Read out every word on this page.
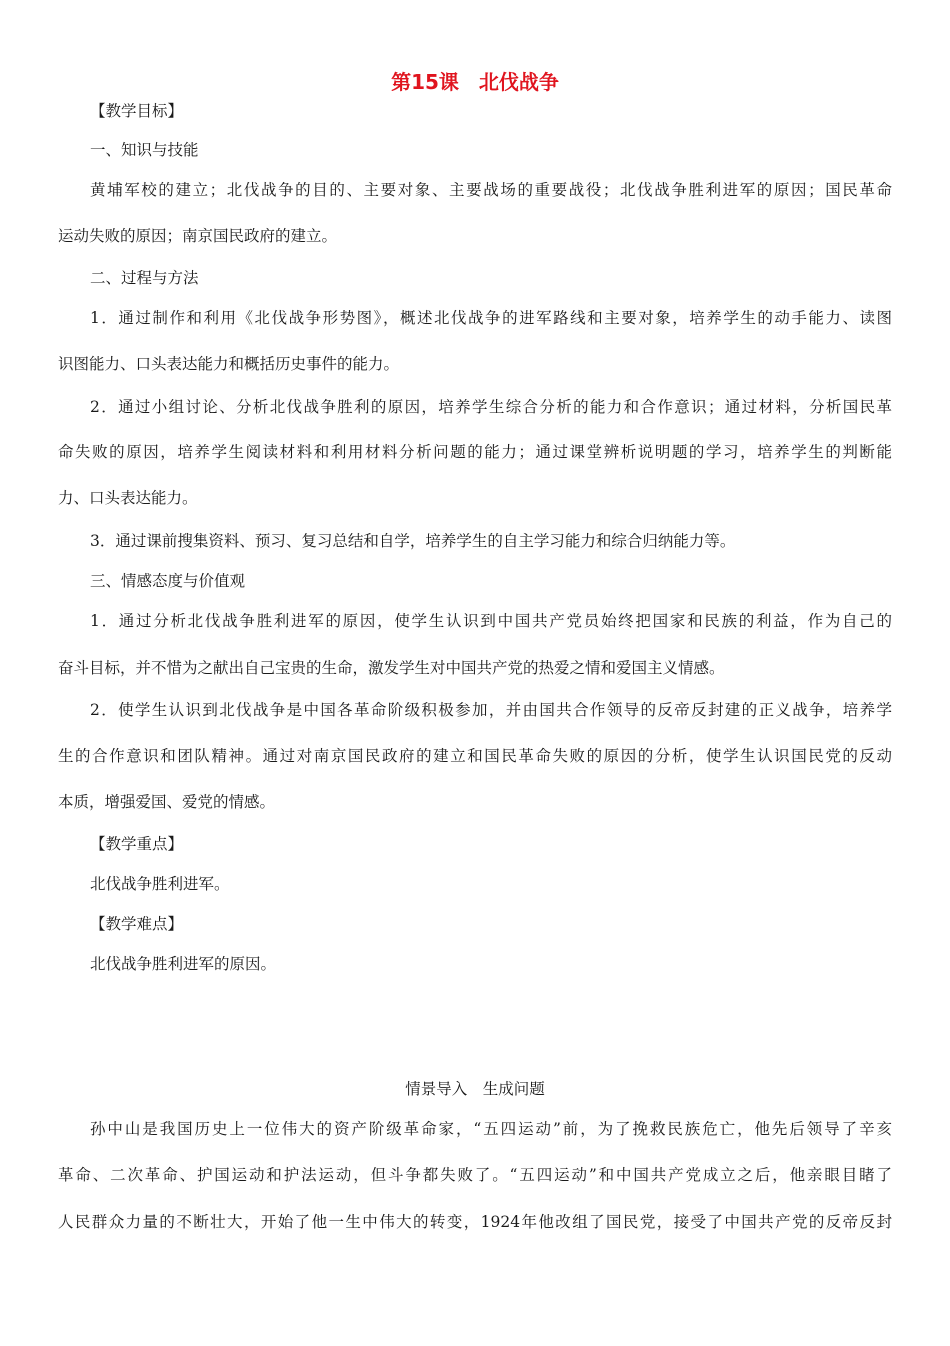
第15课　北伐战争
【教学目标】
一、知识与技能
黄埔军校的建立；北伐战争的目的、主要对象、主要战场的重要战役；北伐战争胜利进军的原因；国民革命
运动失败的原因；南京国民政府的建立。
二、过程与方法
1．通过制作和利用《北伐战争形势图》，概述北伐战争的进军路线和主要对象，培养学生的动手能力、读图
识图能力、口头表达能力和概括历史事件的能力。
2．通过小组讨论、分析北伐战争胜利的原因，培养学生综合分析的能力和合作意识；通过材料，分析国民革
命失败的原因，培养学生阅读材料和利用材料分析问题的能力；通过课堂辨析说明题的学习，培养学生的判断能
力、口头表达能力。
3．通过课前搜集资料、预习、复习总结和自学，培养学生的自主学习能力和综合归纳能力等。
三、情感态度与价值观
1．通过分析北伐战争胜利进军的原因，使学生认识到中国共产党员始终把国家和民族的利益，作为自己的
奋斗目标，并不惜为之献出自己宝贵的生命，激发学生对中国共产党的热爱之情和爱国主义情感。
2．使学生认识到北伐战争是中国各革命阶级积极参加，并由国共合作领导的反帝反封建的正义战争，培养学
生的合作意识和团队精神。通过对南京国民政府的建立和国民革命失败的原因的分析，使学生认识国民党的反动
本质，增强爱国、爱党的情感。
【教学重点】
北伐战争胜利进军。
【教学难点】
北伐战争胜利进军的原因。
情景导入　生成问题
孙中山是我国历史上一位伟大的资产阶级革命家，“五四运动”前，为了挽救民族危亡，他先后领导了辛亥
革命、二次革命、护国运动和护法运动，但斗争都失败了。“五四运动”和中国共产党成立之后，他亲眼目睹了
人民群众力量的不断壮大，开始了他一生中伟大的转变，1924年他改组了国民党，接受了中国共产党的反帝反封
